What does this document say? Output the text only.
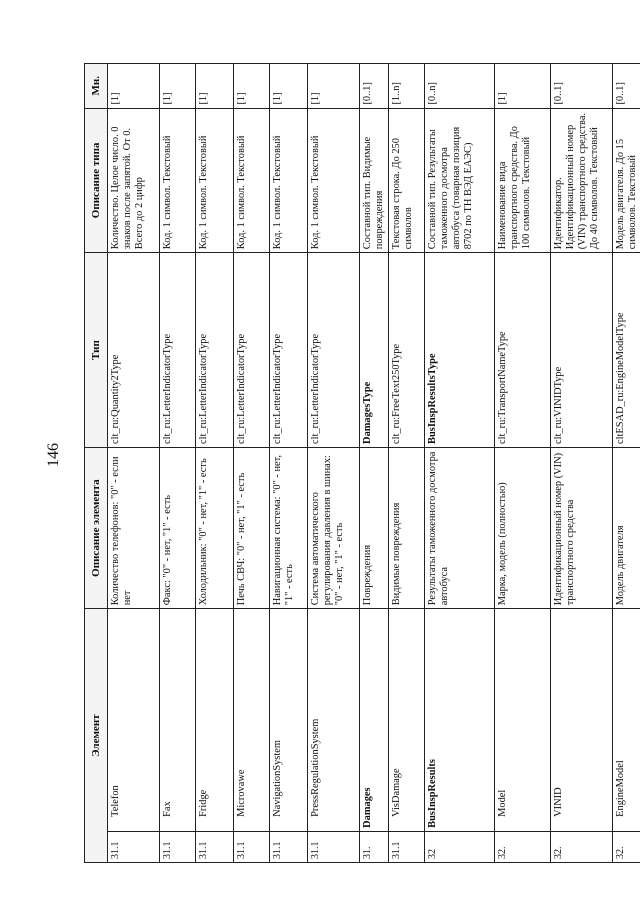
146
Элемент		Описание элемента	Тип	Описание типа	Мн.
31.1	Telefon	Количество телефонов: "0" - если нет	clt_ru:Quantity2Type	Количество. Целое число. 0 знаков после запятой. От 0. Всего до 2 цифр	[1]
31.1	Fax	Факс: "0" - нет, "1" - есть	clt_ru:LetterIndicatorType	Код. 1 символ. Текстовый	[1]
31.1	Fridge	Холодильник: "0" - нет, "1" - есть	clt_ru:LetterIndicatorType	Код. 1 символ. Текстовый	[1]
31.1	Microvawe	Печь СВЧ: "0" - нет, "1" - есть	clt_ru:LetterIndicatorType	Код. 1 символ. Текстовый	[1]
31.1	NavigationSystem	Навигационная система: "0" - нет, "1" - есть	clt_ru:LetterIndicatorType	Код. 1 символ. Текстовый	[1]
31.1	PressRegulationSystem	Система автоматического регулирования давления в шинах: "0" - нет, "1" - есть	clt_ru:LetterIndicatorType	Код. 1 символ. Текстовый	[1]
31.	Damages	Повреждения	DamagesType	Составной тип. Видимые повреждения	[0..1]
31.1	VisDamage	Видимые повреждения	clt_ru:FreeText250Type	Текстовая строка. До 250 символов	[1..n]
32	BusInspResults	Результаты таможенного досмотра автобуса	BusInspResultsType	Составной тип. Результаты таможенного досмотра автобуса (товарная позиция 8702 по ТН ВЭД ЕАЭС)	[0..n]
32.	Model	Марка, модель (полностью)	clt_ru:TransportNameType	Наименование вида транспортного средства. До 100 символов. Текстовый	[1]
32.	VINID	Идентификационный номер (VIN) транспортного средства	clt_ru:VINIDType	Идентификатор. Идентификационный номер (VIN) транспортного средства. До 40 символов. Текстовый	[0..1]
32.	EngineModel	Модель двигателя	cltESAD_ru:EngineModelType	Модель двигателя. До 15 символов. Текстовый	[0..1]
